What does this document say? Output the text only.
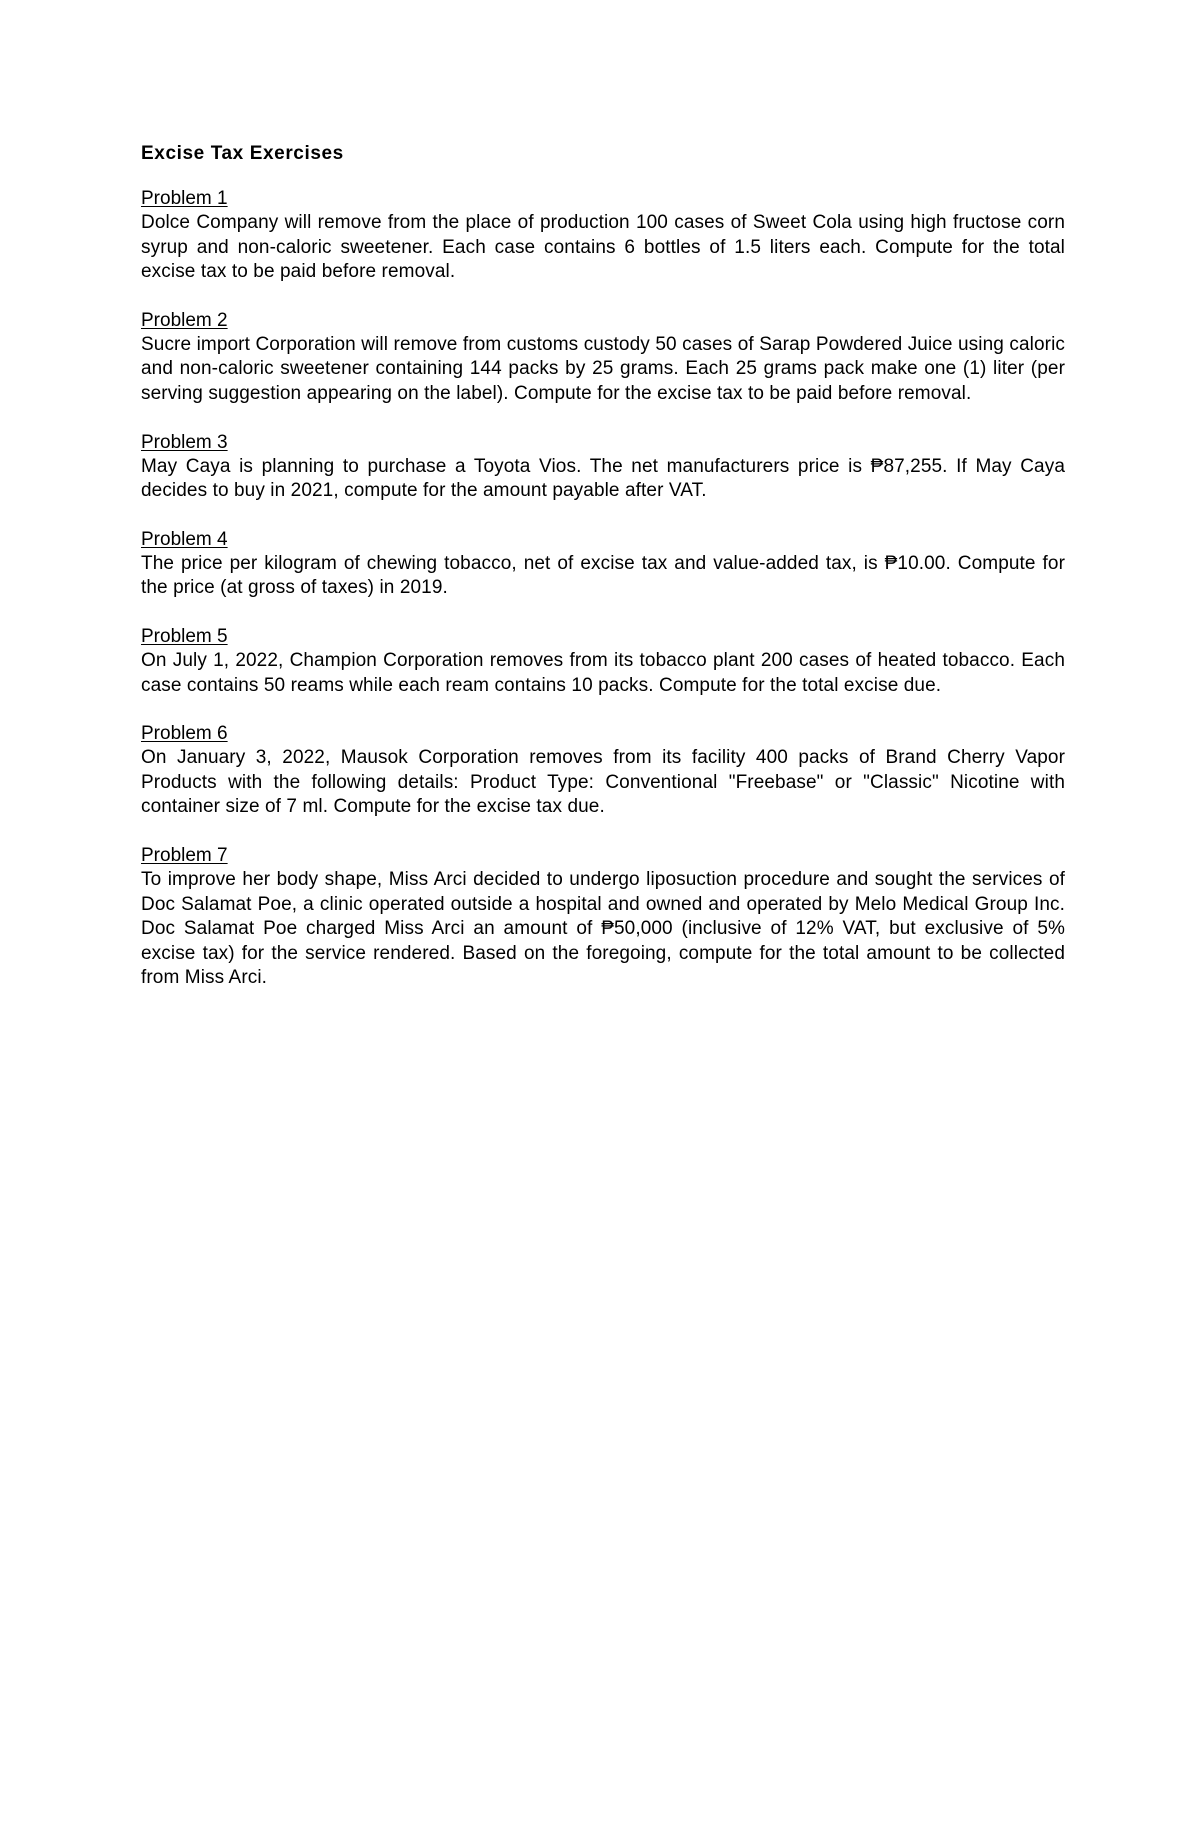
Excise Tax Exercises

Problem 1

Dolce Company will remove from the place of production 100 cases of Sweet Cola using high fructose corn syrup and non-caloric sweetener. Each case contains 6 bottles of 1.5 liters each. Compute for the total excise tax to be paid before removal.

Problem 2

Sucre import Corporation will remove from customs custody 50 cases of Sarap Powdered Juice using caloric and non-caloric sweetener containing 144 packs by 25 grams. Each 25 grams pack make one (1) liter (per serving suggestion appearing on the label). Compute for the excise tax to be paid before removal.

Problem 3

May Caya is planning to purchase a Toyota Vios. The net manufacturers price is ₱87,255. If May Caya decides to buy in 2021, compute for the amount payable after VAT.

Problem 4

The price per kilogram of chewing tobacco, net of excise tax and value-added tax, is ₱10.00. Compute for the price (at gross of taxes) in 2019.

Problem 5

On July 1, 2022, Champion Corporation removes from its tobacco plant 200 cases of heated tobacco. Each case contains 50 reams while each ream contains 10 packs. Compute for the total excise due.

Problem 6

On January 3, 2022, Mausok Corporation removes from its facility 400 packs of Brand Cherry Vapor Products with the following details: Product Type: Conventional "Freebase" or "Classic" Nicotine with container size of 7 ml. Compute for the excise tax due.

Problem 7

To improve her body shape, Miss Arci decided to undergo liposuction procedure and sought the services of Doc Salamat Poe, a clinic operated outside a hospital and owned and operated by Melo Medical Group Inc. Doc Salamat Poe charged Miss Arci an amount of ₱50,000 (inclusive of 12% VAT, but exclusive of 5% excise tax) for the service rendered. Based on the foregoing, compute for the total amount to be collected from Miss Arci.
